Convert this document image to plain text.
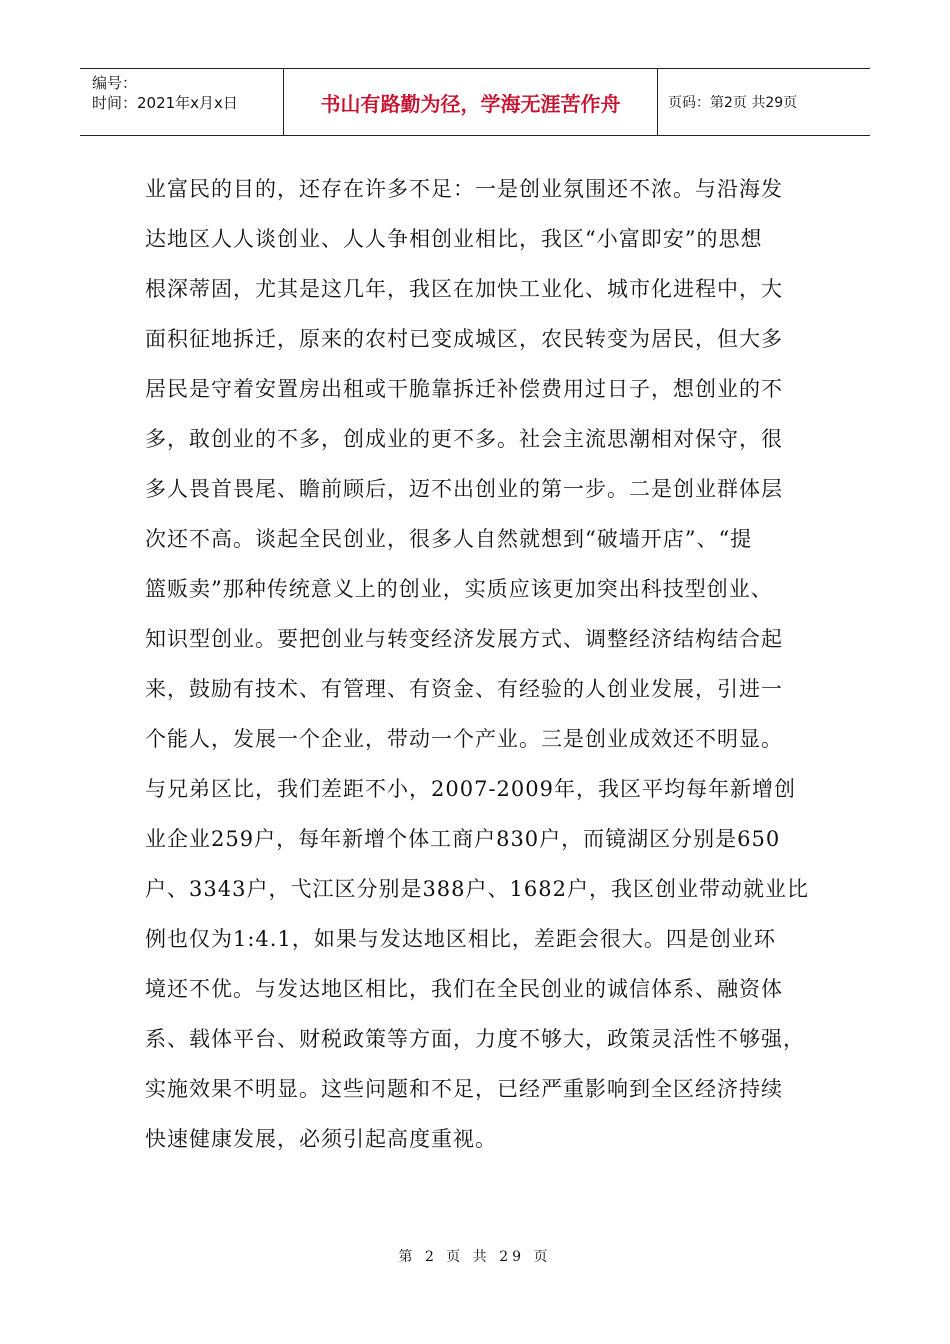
编号：
时间：2021年x月x日	书山有路勤为径，学海无涯苦作舟	页码：第2页 共29页
业富民的目的，还存在许多不足：一是创业氛围还不浓。与沿海发
达地区人人谈创业、人人争相创业相比，我区“小富即安”的思想
根深蒂固，尤其是这几年，我区在加快工业化、城市化进程中，大
面积征地拆迁，原来的农村已变成城区，农民转变为居民，但大多
居民是守着安置房出租或干脆靠拆迁补偿费用过日子，想创业的不
多，敢创业的不多，创成业的更不多。社会主流思潮相对保守，很
多人畏首畏尾、瞻前顾后，迈不出创业的第一步。二是创业群体层
次还不高。谈起全民创业，很多人自然就想到“破墙开店”、“提
篮贩卖”那种传统意义上的创业，实质应该更加突出科技型创业、
知识型创业。要把创业与转变经济发展方式、调整经济结构结合起
来，鼓励有技术、有管理、有资金、有经验的人创业发展，引进一
个能人，发展一个企业，带动一个产业。三是创业成效还不明显。
与兄弟区比，我们差距不小，2007-2009年，我区平均每年新增创
业企业259户，每年新增个体工商户830户，而镜湖区分别是650
户、3343户，弋江区分别是388户、1682户，我区创业带动就业比
例也仅为1:4.1，如果与发达地区相比，差距会很大。四是创业环
境还不优。与发达地区相比，我们在全民创业的诚信体系、融资体
系、载体平台、财税政策等方面，力度不够大，政策灵活性不够强，
实施效果不明显。这些问题和不足，已经严重影响到全区经济持续
快速健康发展，必须引起高度重视。
第 2 页 共 29 页
